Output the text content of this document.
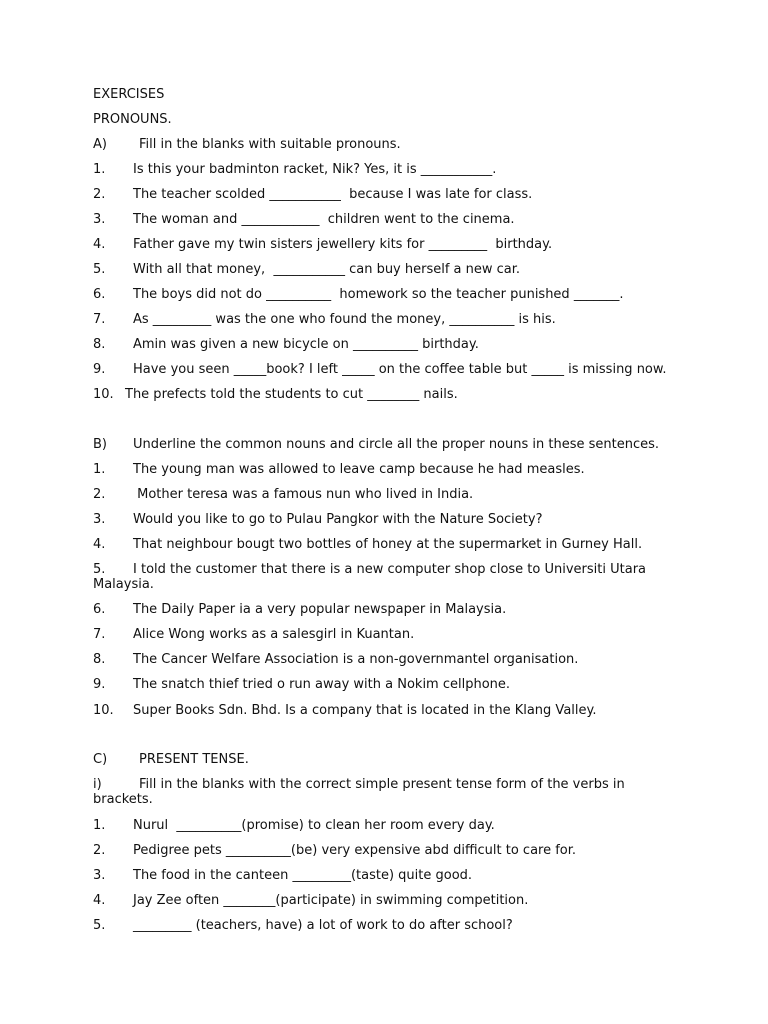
EXERCISES
PRONOUNS.
A) Fill in the blanks with suitable pronouns.
1. Is this your badminton racket, Nik? Yes, it is ___________.
2. The teacher scolded ___________  because I was late for class.
3. The woman and ____________  children went to the cinema.
4. Father gave my twin sisters jewellery kits for _________  birthday.
5. With all that money,  ___________ can buy herself a new car.
6. The boys did not do __________  homework so the teacher punished _______.
7. As _________ was the one who found the money, __________ is his.
8. Amin was given a new bicycle on __________ birthday.
9. Have you seen _____book? I left _____ on the coffee table but _____ is missing now.
10. The prefects told the students to cut ________ nails.
B) Underline the common nouns and circle all the proper nouns in these sentences.
1. The young man was allowed to leave camp because he had measles.
2. Mother teresa was a famous nun who lived in India.
3. Would you like to go to Pulau Pangkor with the Nature Society?
4. That neighbour bougt two bottles of honey at the supermarket in Gurney Hall.
5.	I told the customer that there is a new computer shop close to Universiti Utara Malaysia.
6. The Daily Paper ia a very popular newspaper in Malaysia.
7. Alice Wong works as a salesgirl in Kuantan.
8. The Cancer Welfare Association is a non-governmantel organisation.
9. The snatch thief tried o run away with a Nokim cellphone.
10. Super Books Sdn. Bhd. Is a company that is located in the Klang Valley.
C) PRESENT TENSE.
i)	Fill in the blanks with the correct simple present tense form of the verbs in brackets.
1. Nurul  __________(promise) to clean her room every day.
2. Pedigree pets __________(be) very expensive abd difficult to care for.
3. The food in the canteen _________(taste) quite good.
4. Jay Zee often ________(participate) in swimming competition.
5. _________ (teachers, have) a lot of work to do after school?
